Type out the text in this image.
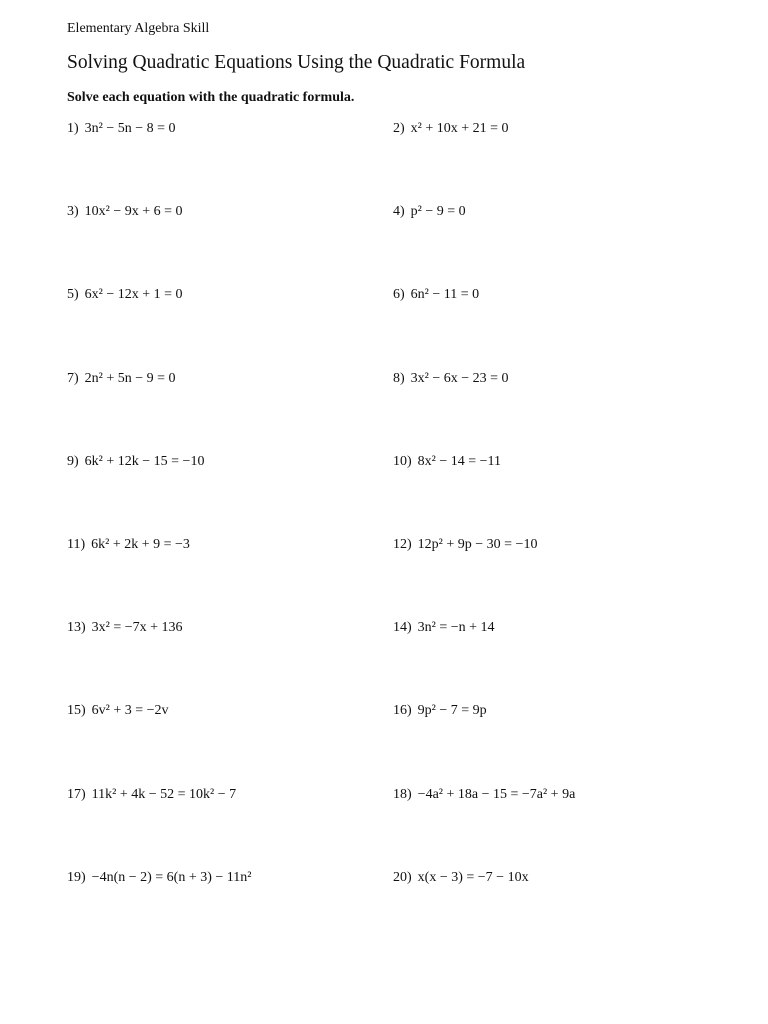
Elementary Algebra Skill
Solving Quadratic Equations Using the Quadratic Formula
Solve each equation with the quadratic formula.
1) 3n² − 5n − 8 = 0	2) x² + 10x + 21 = 0
3) 10x² − 9x + 6 = 0	4) p² − 9 = 0
5) 6x² − 12x + 1 = 0	6) 6n² − 11 = 0
7) 2n² + 5n − 9 = 0	8) 3x² − 6x − 23 = 0
9) 6k² + 12k − 15 = −10	10) 8x² − 14 = −11
11) 6k² + 2k + 9 = −3	12) 12p² + 9p − 30 = −10
13) 3x² = −7x + 136	14) 3n² = −n + 14
15) 6v² + 3 = −2v	16) 9p² − 7 = 9p
17) 11k² + 4k − 52 = 10k² − 7	18) −4a² + 18a − 15 = −7a² + 9a
19) −4n(n − 2) = 6(n + 3) − 11n²	20) x(x − 3) = −7 − 10x
